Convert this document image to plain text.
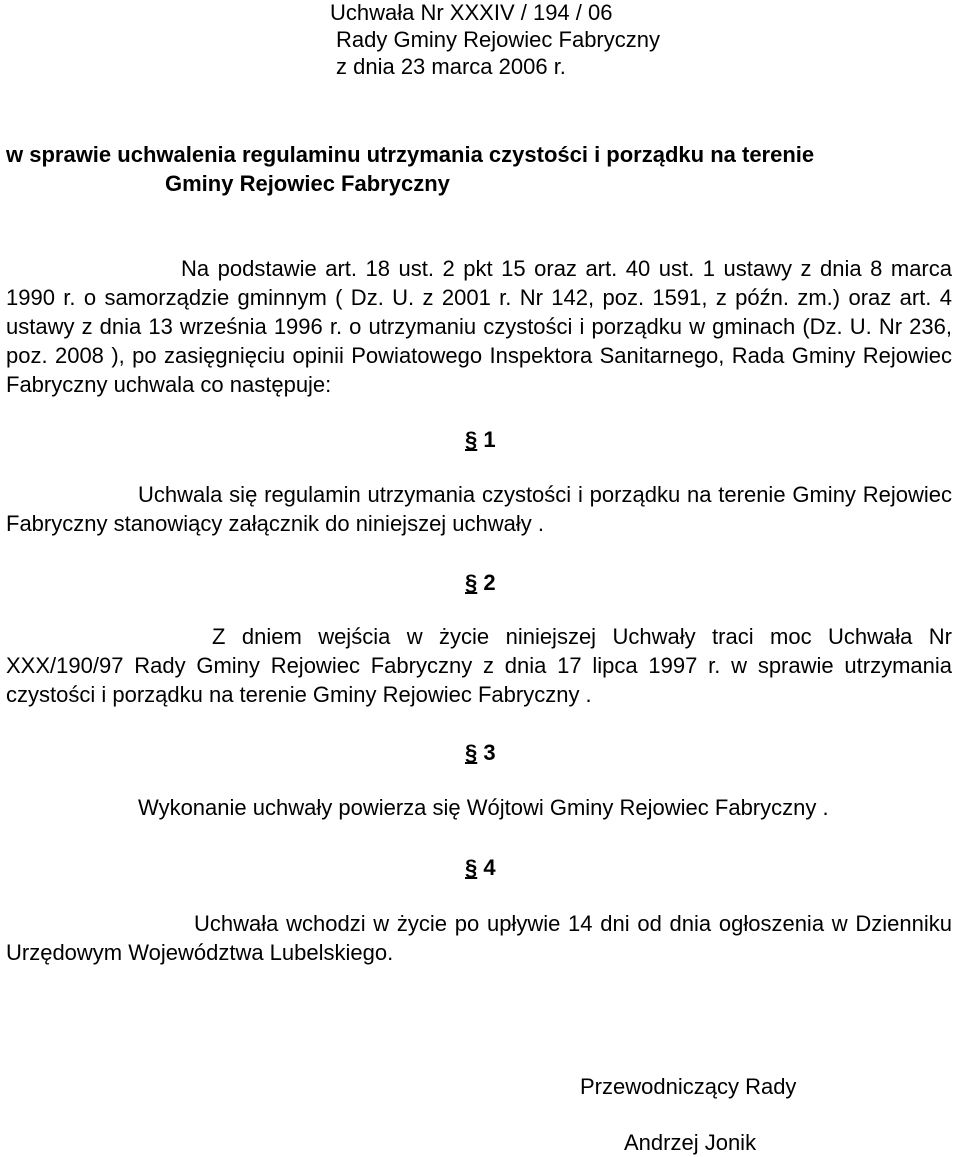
Uchwała Nr XXXIV / 194 / 06

Rady Gminy Rejowiec Fabryczny

z dnia 23 marca 2006 r.

w sprawie uchwalenia regulaminu utrzymania czystości i porządku na terenie

Gminy Rejowiec Fabryczny

Na podstawie art. 18 ust. 2 pkt 15 oraz art. 40 ust. 1 ustawy z dnia 8 marca 1990 r. o samorządzie gminnym ( Dz. U. z 2001 r. Nr 142, poz. 1591, z późn. zm.) oraz art. 4 ustawy z dnia 13 września 1996 r. o utrzymaniu czystości i porządku w gminach (Dz. U. Nr 236, poz. 2008 ), po zasięgnięciu opinii Powiatowego Inspektora Sanitarnego, Rada Gminy Rejowiec Fabryczny uchwala co następuje:

§ 1

Uchwala się regulamin utrzymania czystości i porządku na terenie Gminy Rejowiec Fabryczny stanowiący załącznik do niniejszej uchwały .

§ 2

Z dniem wejścia w życie niniejszej Uchwały traci moc Uchwała Nr XXX/190/97 Rady Gminy Rejowiec Fabryczny z dnia 17 lipca 1997 r. w sprawie utrzymania czystości i porządku na terenie Gminy Rejowiec Fabryczny .

§ 3

Wykonanie uchwały powierza się Wójtowi Gminy Rejowiec Fabryczny .

§ 4

Uchwała wchodzi w życie po upływie 14 dni od dnia ogłoszenia w Dzienniku Urzędowym Województwa Lubelskiego.

Przewodniczący Rady

Andrzej Jonik
